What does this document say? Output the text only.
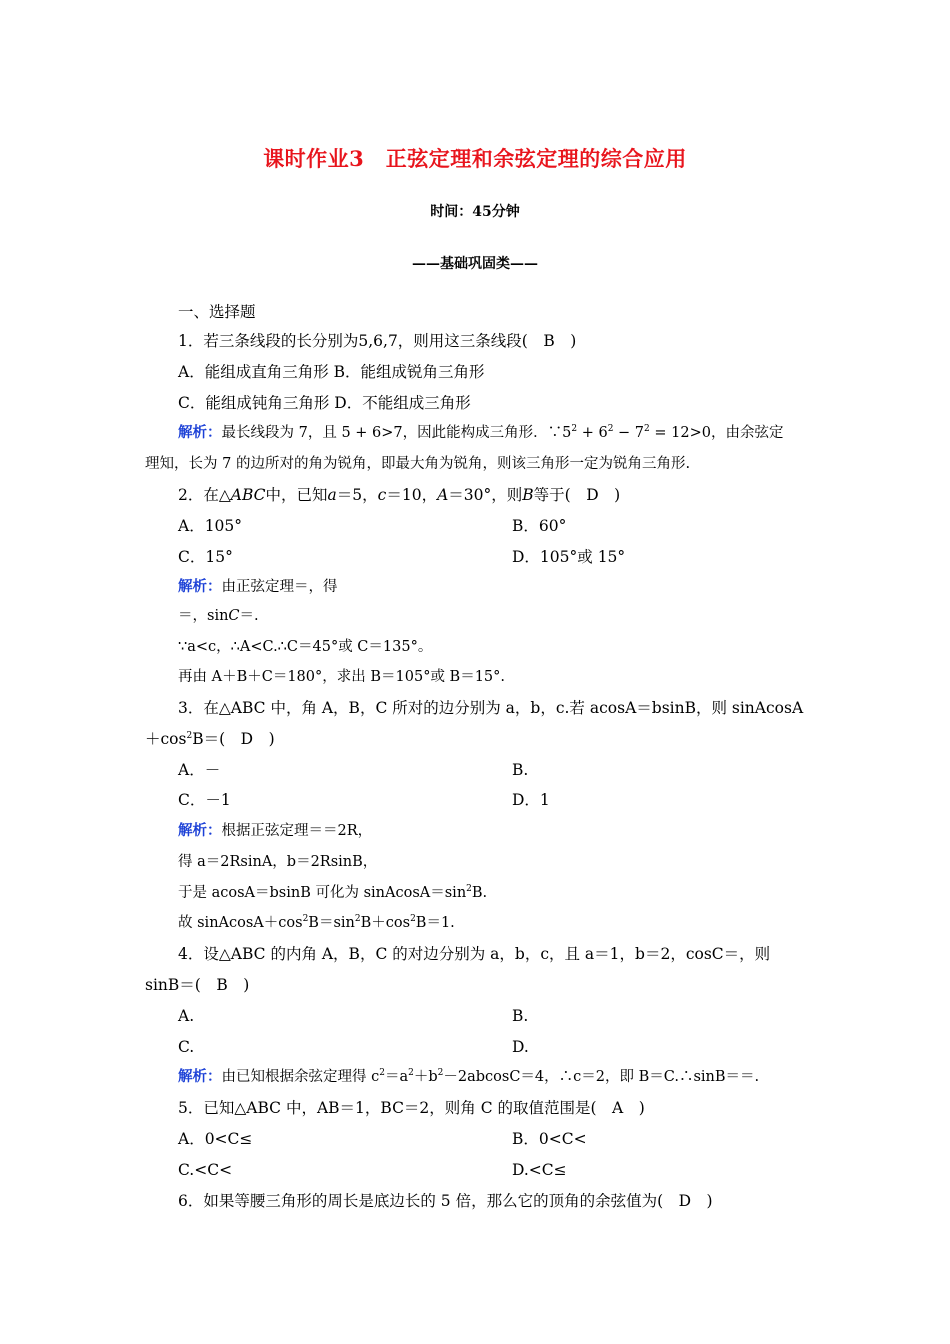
课时作业3　正弦定理和余弦定理的综合应用
时间：45分钟
——基础巩固类——
一、选择题
1．若三条线段的长分别为5,6,7，则用这三条线段(　B　)
A．能组成直角三角形 B．能组成锐角三角形
C．能组成钝角三角形 D．不能组成三角形
解析：最长线段为 7，且 5 + 6>7，因此能构成三角形．$\because 5^2 + 6^2 - 7^2 = 12>0$，由余弦定
理知，长为 7 的边所对的角为锐角，即最大角为锐角，则该三角形一定为锐角三角形.
2．在△ABC中，已知a＝5，c＝10，A＝30°，则B等于(　D　)
A．105°	B．60°
C．15°	D．105°或 15°
解析：由正弦定理＝，得
＝，sinC＝.
∵a<c，∴A<C.∴C＝45°或 C＝135°。
再由 A＋B＋C＝180°，求出 B＝105°或 B＝15°.
3．在△ABC 中，角 A，B，C 所对的边分别为 a，b，c.若 acosA＝bsinB，则 sinAcosA
$+\cos^2B=$(　D　)
A．－	B.
C．－1	D．1
解析：根据正弦定理＝＝2R，
得 a＝2RsinA，b＝2RsinB，
于是 acosA＝bsinB 可化为 $sinAcosA=\sin^2B$.
故 $sinAcosA+\cos^2B=\sin^2B+\cos^2B=1$.
4．设△ABC 的内角 A，B，C 的对边分别为 a，b，c，且 a＝1，b＝2，cosC＝，则
sinB＝(　B　)
A.	B.
C.	D.
解析：由已知根据余弦定理得 $c^2=a^2+b^2-2abcosC=4$，∴c＝2，即 B＝C.∴sinB＝＝.
5．已知△ABC 中，AB＝1，BC＝2，则角 C 的取值范围是(　A　)
A．0<C≤	B．0<C<
C.<C<	D.<C≤
6．如果等腰三角形的周长是底边长的 5 倍，那么它的顶角的余弦值为(　D　)
